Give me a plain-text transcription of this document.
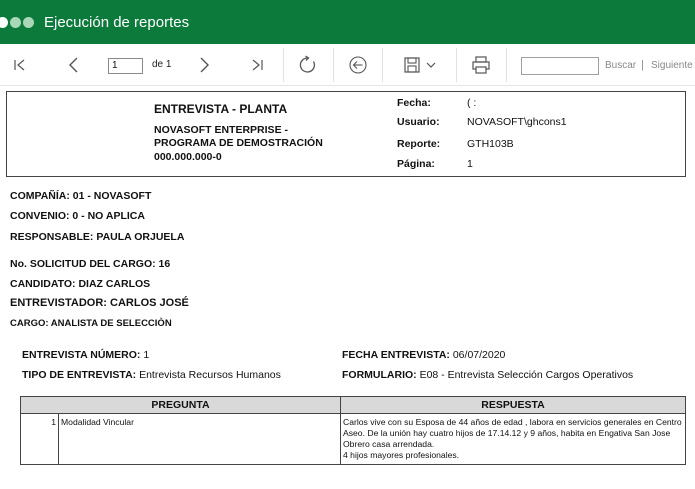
Ejecución de reportes
1	de 1	Buscar | Siguiente
ENTREVISTA - PLANTA
NOVASOFT ENTERPRISE -
PROGRAMA DE DEMOSTRACIÓN
000.000.000-0
Fecha:	( :
Usuario:	NOVASOFT\ghcons1
Reporte:	GTH103B
Página:	1
COMPAÑÍA: 01 - NOVASOFT
CONVENIO: 0 - NO APLICA
RESPONSABLE: PAULA ORJUELA
No. SOLICITUD DEL CARGO: 16
CANDIDATO: DIAZ CARLOS
ENTREVISTADOR: CARLOS JOSÉ
CARGO: ANALISTA DE SELECCIÒN
ENTREVISTA NÚMERO: 1	FECHA ENTREVISTA: 06/07/2020
TIPO DE ENTREVISTA: Entrevista Recursos Humanos	FORMULARIO: E08 - Entrevista Selección Cargos Operativos
PREGUNTA		RESPUESTA
1	Modalidad Vincular	Carlos vive con su Esposa de 44 años de edad , labora en servicios generales en Centro Aseo. De la unión hay cuatro hijos de 17.14.12 y 9 años, habita en Engativa San Jose Obrero casa arrendada.
4 hijos mayores profesionales.
